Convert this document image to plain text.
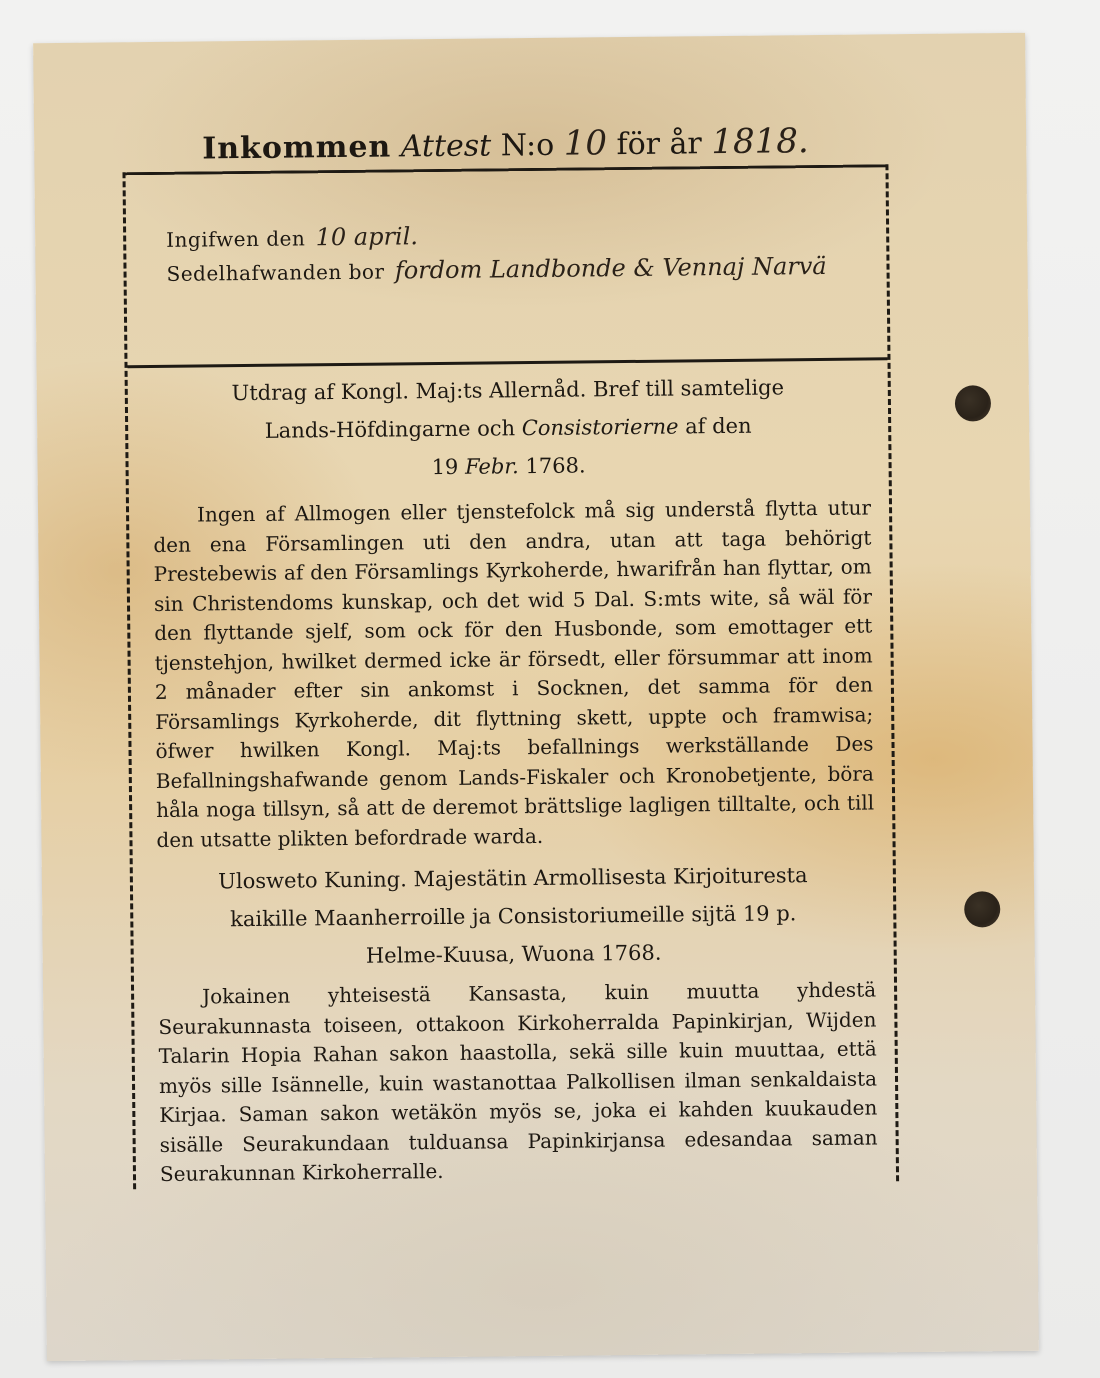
Inkommen Attest N:o 10 för år 1818.
Ingifwen den 10 april.
Sedelhafwanden bor fordom Landbonde & Vennaj Narvä
Utdrag af Kongl. Maj:ts Allernåd. Bref till samtelige
Lands-Höfdingarne och Consistorierne af den
19 Febr. 1768.
Ingen af Allmogen eller tjenstefolck må sig understå flytta utur den ena Församlingen uti den andra, utan att taga behörigt Prestebewis af den Församlings Kyrkoherde, hwarifrån han flyttar, om sin Christendoms kunskap, och det wid 5 Dal. S:mts wite, så wäl för den flyttande sjelf, som ock för den Husbonde, som emottager ett tjenstehjon, hwilket dermed icke är försedt, eller försummar att inom 2 månader efter sin ankomst i Socknen, det samma för den Församlings Kyrkoherde, dit flyttning skett, uppte och framwisa; öfwer hwilken Kongl. Maj:ts befallnings werkställande Des Befallningshafwande genom Lands-Fiskaler och Kronobetjente, böra håla noga tillsyn, så att de deremot brättslige lagligen tilltalte, och till den utsatte plikten befordrade warda.
Ulosweto Kuning. Majestätin Armollisesta Kirjoituresta
kaikille Maanherroille ja Consistoriumeille sijtä 19 p.
Helme-Kuusa, Wuona 1768.
Jokainen yhteisestä Kansasta, kuin muutta yhdestä Seurakunnasta toiseen, ottakoon Kirkoherralda Papinkirjan, Wijden Talarin Hopia Rahan sakon haastolla, sekä sille kuin muuttaa, että myös sille Isännelle, kuin wastanottaa Palkollisen ilman senkaldaista Kirjaa. Saman sakon wetäkön myös se, joka ei kahden kuukauden sisälle Seurakundaan tulduansa Papinkirjansa edesandaa saman Seurakunnan Kirkoherralle.
